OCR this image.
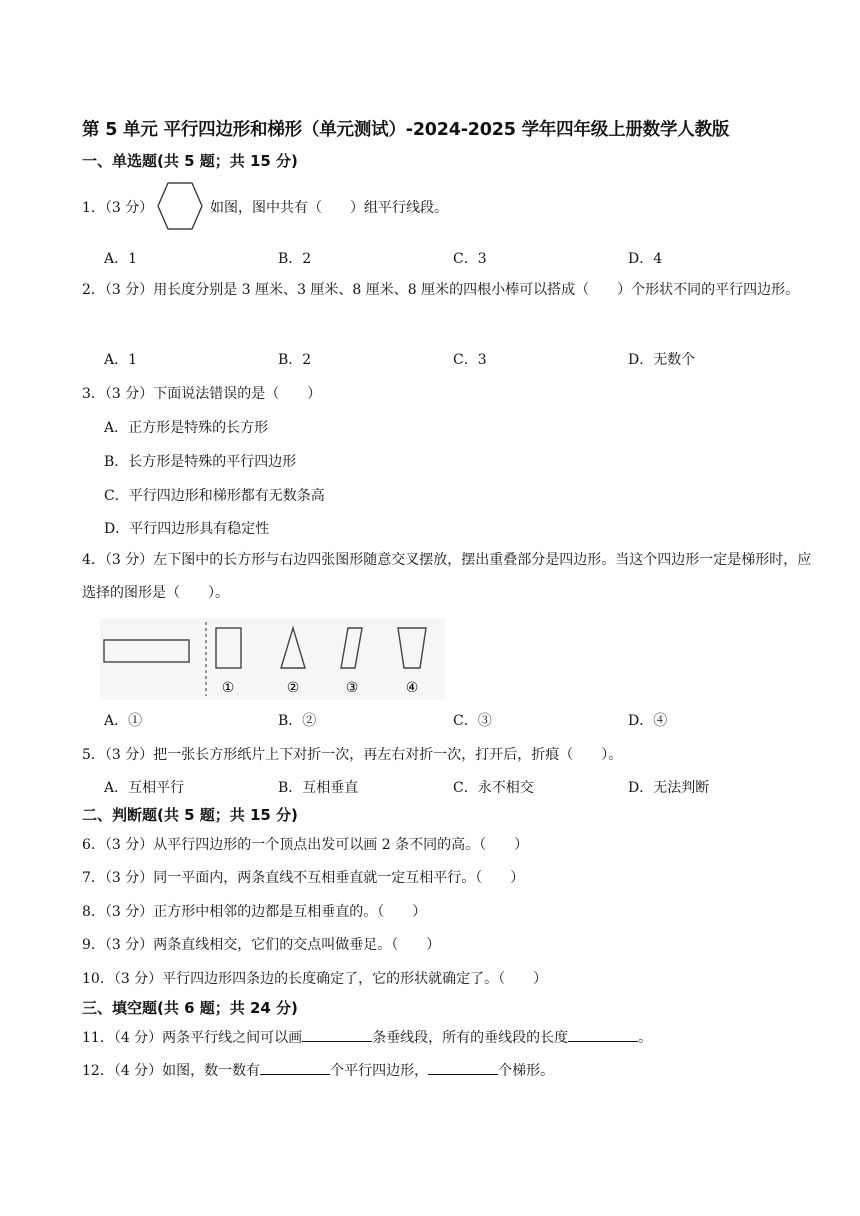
第 5 单元 平行四边形和梯形（单元测试）-2024-2025 学年四年级上册数学人教版
一、单选题(共 5 题；共 15 分)
1．（3 分）	如图，图中共有（　　）组平行线段。
A．1	B．2	C．3	D．4
2．（3 分）用长度分别是 3 厘米、3 厘米、8 厘米、8 厘米的四根小棒可以搭成（　　）个形状不同的平行四边形。
A．1	B．2	C．3	D．无数个
3．（3 分）下面说法错误的是（　　）
A．正方形是特殊的长方形
B．长方形是特殊的平行四边形
C．平行四边形和梯形都有无数条高
D．平行四边形具有稳定性
4．（3 分）左下图中的长方形与右边四张图形随意交叉摆放，摆出重叠部分是四边形。当这个四边形一定是梯形时，应选择的图形是（　　）。
①	②	③	④
A．①	B．②	C．③	D．④
5．（3 分）把一张长方形纸片上下对折一次，再左右对折一次，打开后，折痕（　　）。
A．互相平行	B．互相垂直	C．永不相交	D．无法判断
二、判断题(共 5 题；共 15 分)
6．（3 分）从平行四边形的一个顶点出发可以画 2 条不同的高。（　　）
7．（3 分）同一平面内，两条直线不互相垂直就一定互相平行。（　　）
8．（3 分）正方形中相邻的边都是互相垂直的。（　　）
9．（3 分）两条直线相交，它们的交点叫做垂足。（　　）
10．（3 分）平行四边形四条边的长度确定了，它的形状就确定了。（　　）
三、填空题(共 6 题；共 24 分)
11．（4 分）两条平行线之间可以画	条垂线段，所有的垂线段的长度	。
12．（4 分）如图，数一数有	个平行四边形，	个梯形。
